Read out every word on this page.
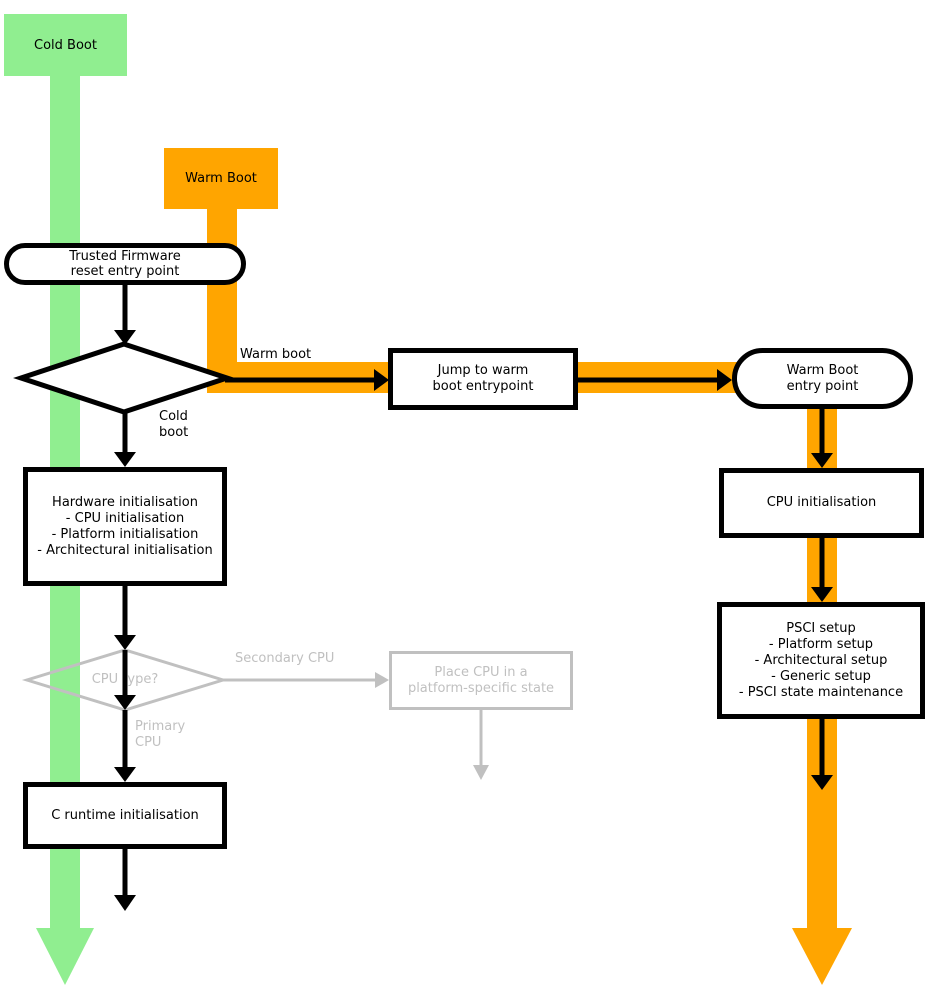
Cold Boot
Warm Boot
CPU type?
Trusted Firmware
reset entry point
Warm boot
Cold
boot
Jump to warm
boot entrypoint
Warm Boot
entry point
Hardware initialisation
- CPU initialisation
- Platform initialisation
- Architectural initialisation
CPU initialisation
PSCI setup
- Platform setup
- Architectural setup
- Generic setup
- PSCI state maintenance
Secondary CPU
Primary
CPU
Place CPU in a
platform-specific state
C runtime initialisation
